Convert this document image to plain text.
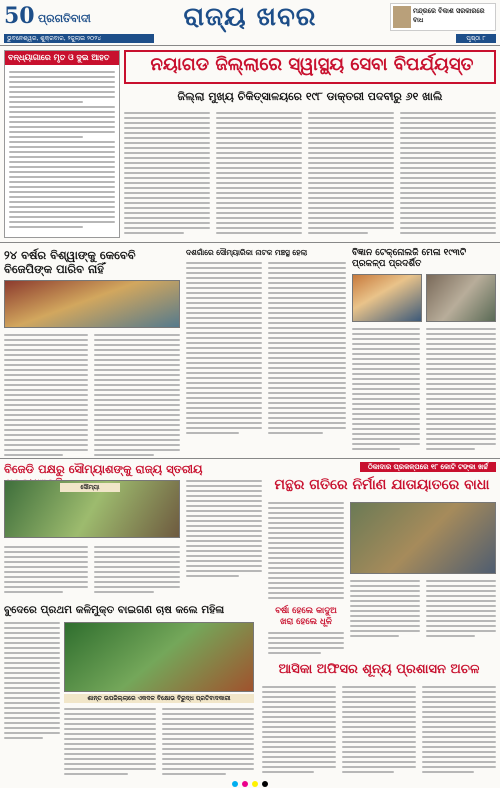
50 ପ୍ରଗତିବାଦୀ
ଭୁବନେଶ୍ୱର, ଶୁକ୍ରବାର, ୨ଜୁଲାଇ ୨୦୨୪
ରାଜ୍ୟ ଖବର	ମନ୍ଦ୍ରରେ ବିକାଶ ସରକାରରେ ବାଧ
ପୃଷ୍ଠା ୮
ବନ୍ଧ୍ୟାଗାରେ ମୃତ ଓ ଦୁଇ ଆହତ	ନୟାଗଡ ଜିଲ୍ଲାରେ ସ୍ୱାସ୍ଥ୍ୟ ସେବା ବିପର୍ଯ୍ୟସ୍ତ
ଜିଲ୍ଲା ମୁଖ୍ୟ ଚିକିତ୍ସାଳୟରେ ୧୯୮ ଡାକ୍ତରୀ ପଦବୀରୁ ୬୧ ଖାଲି
୨୪ ବର୍ଷର ବିଶ୍ୱାଙ୍କୁ କେବେବି ବିଜେପିଙ୍କ ପାରିବ ନାହିଁ
ଦଶଗାଁରେ ସୌମ୍ୟାରିକା ନାଟକ ମଞ୍ଚସ୍ଥ ହେଲା	ବିଜ୍ଞାନ ଟେକ୍ନୋଲଜି ମେଳା ୧୯୩ଟି ପ୍ରକଳ୍ପ ପ୍ରଦର୍ଶିତ
ବିଜେଡି ପକ୍ଷରୁ ସୌମ୍ୟାଶଙ୍କୁ ରାଜ୍ୟ ସ୍ତରୀୟ
ସୌମ୍ୟା
ବୁଦେରେ ପ୍ରଥମ କଳିମୁକ୍ତ ବାଇଗଣ ଚାଷ କଲେ ମହିଳା
ଶାନ୍ତ ଉପଜିଲ୍ଲାରେ ଏକଦଳ ବିକ୍ଷୋଭ ବିରୁଦ୍ଧ ପ୍ରତିବାଦକାରୀ
ଠିକାଦାର ପ୍ରକଳ୍ପରେ ୧୮ କୋଟି ଟଙ୍କା ଖର୍ଚ୍ଚ
ମନ୍ଥର ଗତିରେ ନିର୍ମାଣ ଯାତାୟାତରେ ବାଧା
ବର୍ଷା ହେଲେ କାଦୁଅ ଖରା ହେଲେ ଧୂଳି
ଆସିକା ଅଫିସର ଶୂନ୍ୟ ପ୍ରଶାସନ ଅଚଳ
